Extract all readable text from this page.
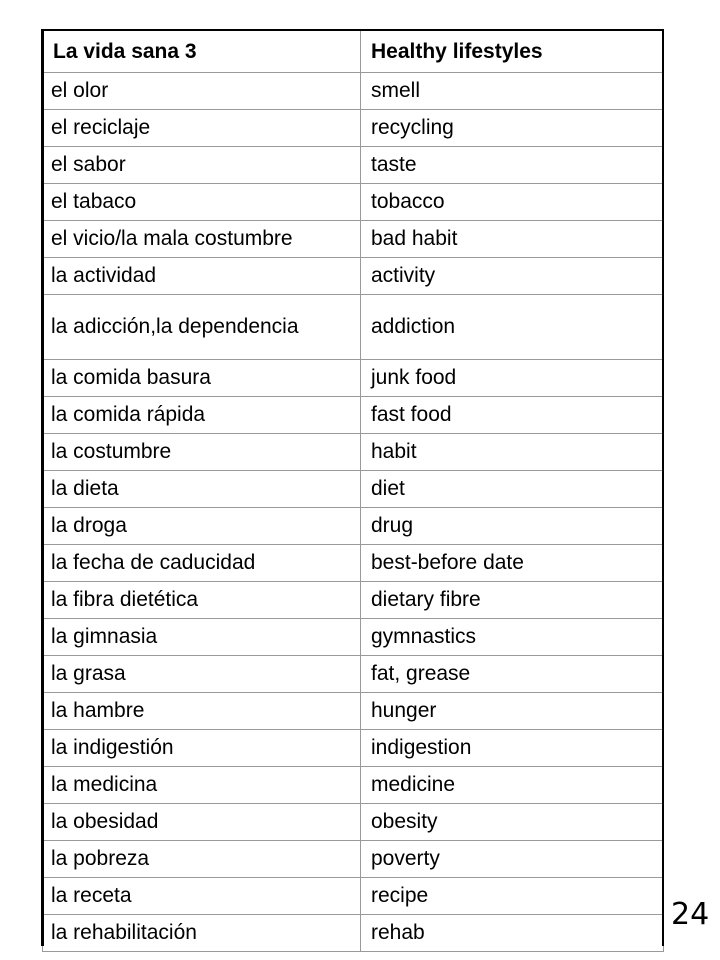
La vida sana 3	Healthy lifestyles
el olor	smell
el reciclaje	recycling
el sabor	taste
el tabaco	tobacco
el vicio/la mala costumbre	bad habit
la actividad	activity
la adicción,la dependencia	addiction
la comida basura	junk food
la comida rápida	fast food
la costumbre	habit
la dieta	diet
la droga	drug
la fecha de caducidad	best-before date
la fibra dietética	dietary fibre
la gimnasia	gymnastics
la grasa	fat, grease
la hambre	hunger
la indigestión	indigestion
la medicina	medicine
la obesidad	obesity
la pobreza	poverty
la receta	recipe
la rehabilitación	rehab
24
